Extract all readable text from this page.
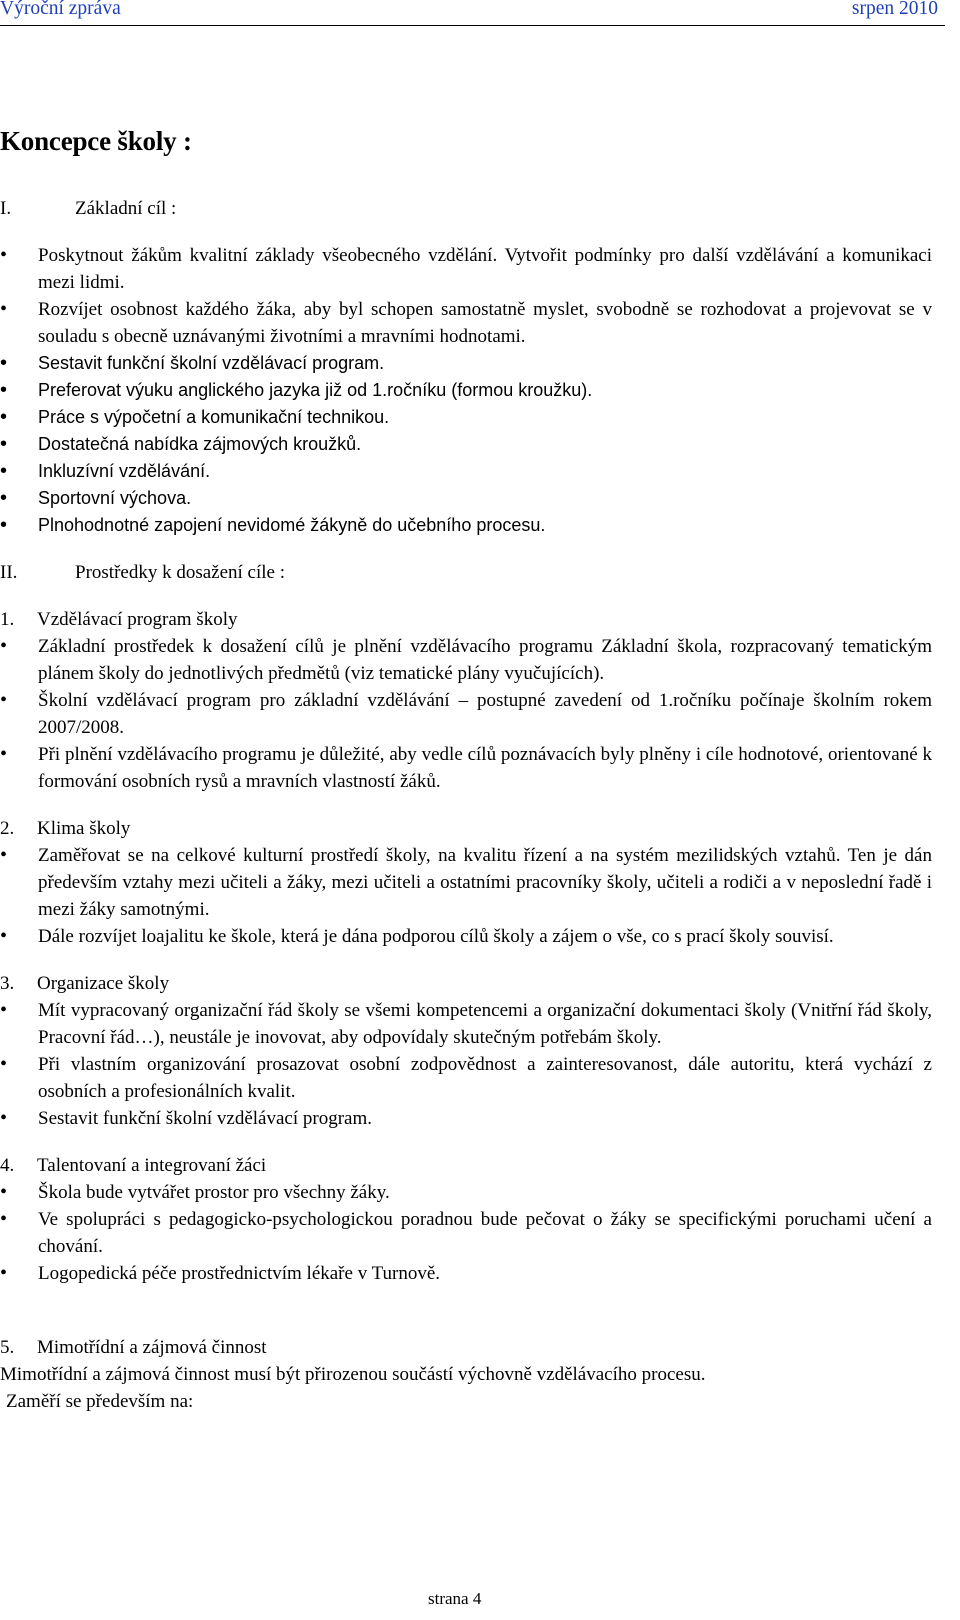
Výroční zpráva	srpen 2010
Koncepce školy :
I.	Základní cíl :
• Poskytnout žákům kvalitní základy všeobecného vzdělání. Vytvořit podmínky pro další vzdělávání a komunikaci mezi lidmi.
• Rozvíjet osobnost každého žáka, aby byl schopen samostatně myslet, svobodně se rozhodovat a projevovat se v souladu s obecně uznávanými životními a mravními hodnotami.
• Sestavit funkční školní vzdělávací program.
• Preferovat výuku anglického jazyka již od 1.ročníku (formou kroužku).
• Práce s výpočetní a komunikační technikou.
• Dostatečná nabídka zájmových kroužků.
• Inkluzívní vzdělávání.
• Sportovní výchova.
• Plnohodnotné zapojení nevidomé žákyně do učebního procesu.
II.	Prostředky k dosažení cíle :
1.	Vzdělávací program školy
• Základní prostředek k dosažení cílů je plnění vzdělávacího programu Základní škola, rozpracovaný tematickým plánem školy do jednotlivých předmětů (viz tematické plány vyučujících).
• Školní vzdělávací program pro základní vzdělávání – postupné zavedení od 1.ročníku počínaje školním rokem 2007/2008.
• Při plnění vzdělávacího programu je důležité, aby vedle cílů poznávacích byly plněny i cíle hodnotové, orientované k formování osobních rysů a mravních vlastností žáků.
2.	Klima školy
• Zaměřovat se na celkové kulturní prostředí školy, na kvalitu řízení a na systém mezilidských vztahů. Ten je dán především vztahy mezi učiteli a žáky, mezi učiteli a ostatními pracovníky školy, učiteli a rodiči a v neposlední řadě i mezi žáky samotnými.
• Dále rozvíjet loajalitu ke škole, která je dána podporou cílů školy a zájem o vše, co s prací školy souvisí.
3.	Organizace školy
• Mít vypracovaný organizační řád školy se všemi kompetencemi a organizační dokumentaci školy (Vnitřní řád školy, Pracovní řád…), neustále je inovovat, aby odpovídaly skutečným potřebám školy.
• Při vlastním organizování prosazovat osobní zodpovědnost a zainteresovanost, dále autoritu, která vychází z osobních a profesionálních kvalit.
• Sestavit funkční školní vzdělávací program.
4.	Talentovaní a integrovaní žáci
• Škola bude vytvářet prostor pro všechny žáky.
• Ve spolupráci s pedagogicko-psychologickou poradnou bude pečovat o žáky se specifickými poruchami učení a chování.
• Logopedická péče prostřednictvím lékaře v Turnově.
5.	Mimotřídní a zájmová činnost
Mimotřídní a zájmová činnost musí být přirozenou součástí výchovně vzdělávacího procesu.
Zaměří se především na:
strana 4
